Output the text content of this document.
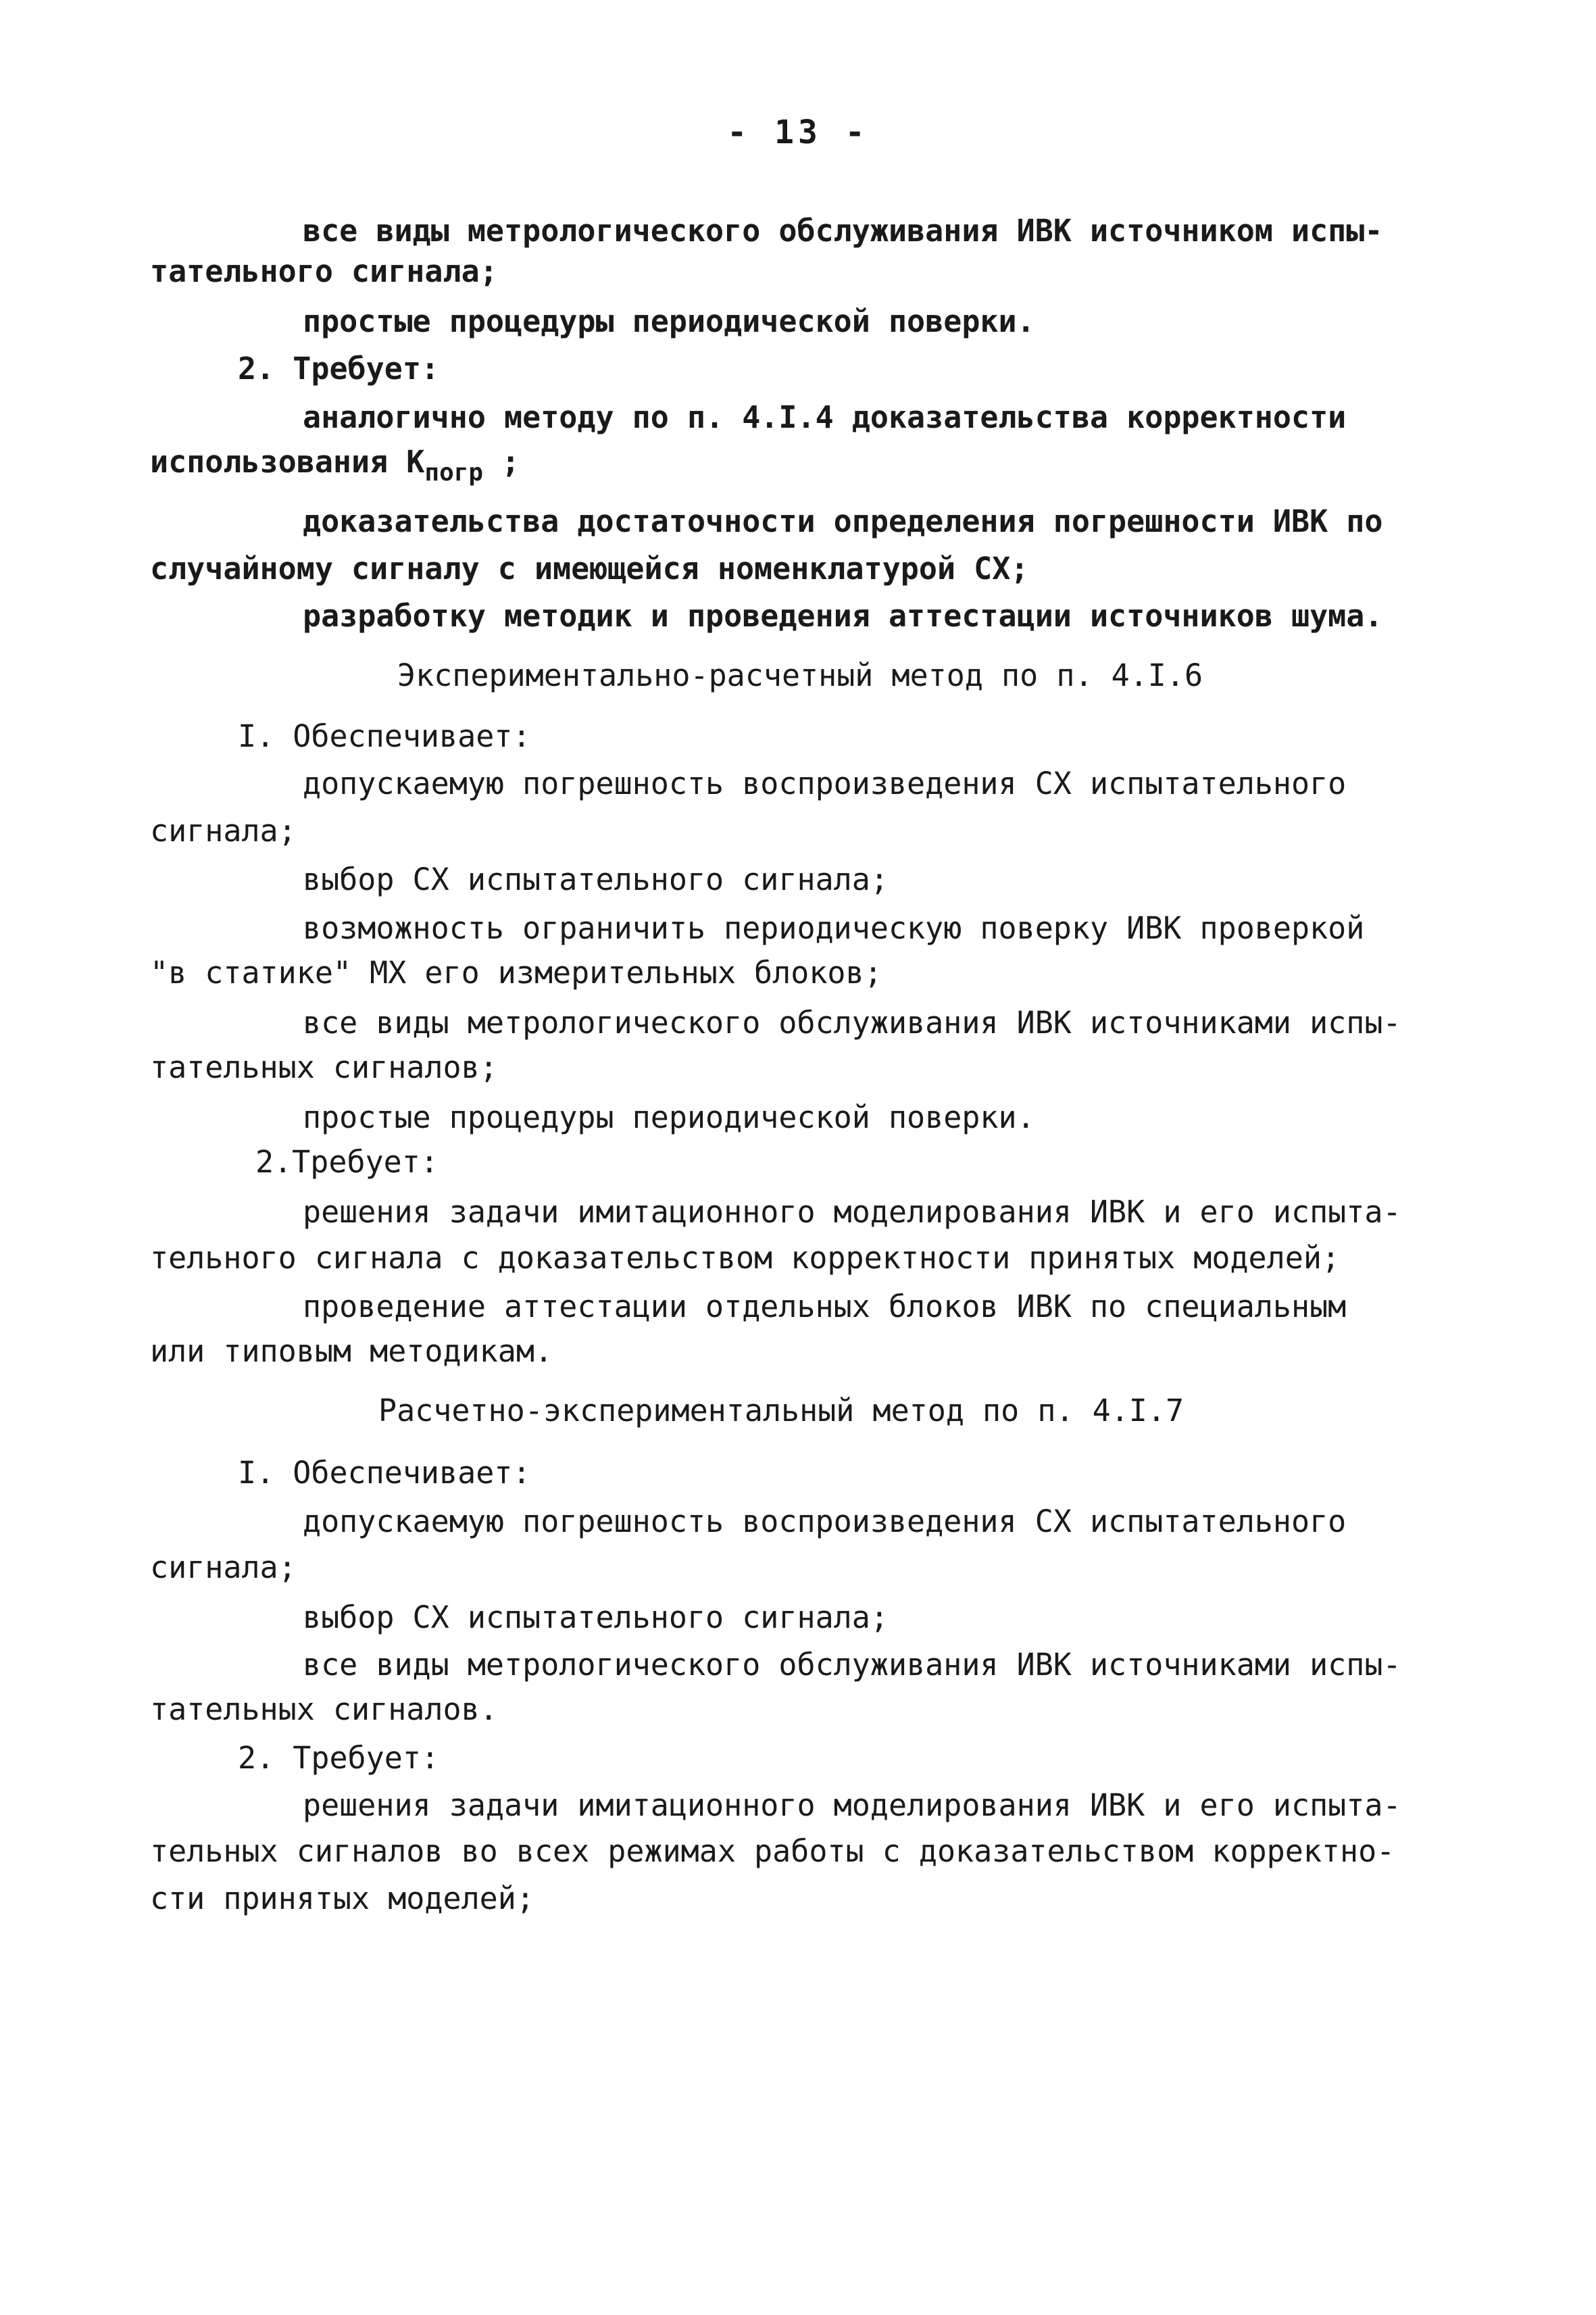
- 13 -
все виды метрологического обслуживания ИВК источником испы-
тательного сигнала;
простые процедуры периодической поверки.
2. Требует:
аналогично методу по п. 4.I.4 доказательства корректности
использования $К_{погр}$ ;
доказательства достаточности определения погрешности ИВК по
случайному сигналу с имеющейся номенклатурой СХ;
разработку методик и проведения аттестации источников шума.
Экспериментально-расчетный метод по п. 4.I.6
I. Обеспечивает:
допускаемую погрешность воспроизведения СХ испытательного
сигнала;
выбор СХ испытательного сигнала;
возможность ограничить периодическую поверку ИВК проверкой
"в статике" МХ его измерительных блоков;
все виды метрологического обслуживания ИВК источниками испы-
тательных сигналов;
простые процедуры периодической поверки.
2.Требует:
решения задачи имитационного моделирования ИВК и его испыта-
тельного сигнала с доказательством корректности принятых моделей;
проведение аттестации отдельных блоков ИВК по специальным
или типовым методикам.
Расчетно-экспериментальный метод по п. 4.I.7
I. Обеспечивает:
допускаемую погрешность воспроизведения СХ испытательного
сигнала;
выбор СХ испытательного сигнала;
все виды метрологического обслуживания ИВК источниками испы-
тательных сигналов.
2. Требует:
решения задачи имитационного моделирования ИВК и его испыта-
тельных сигналов во всех режимах работы с доказательством корректно-
сти принятых моделей;
